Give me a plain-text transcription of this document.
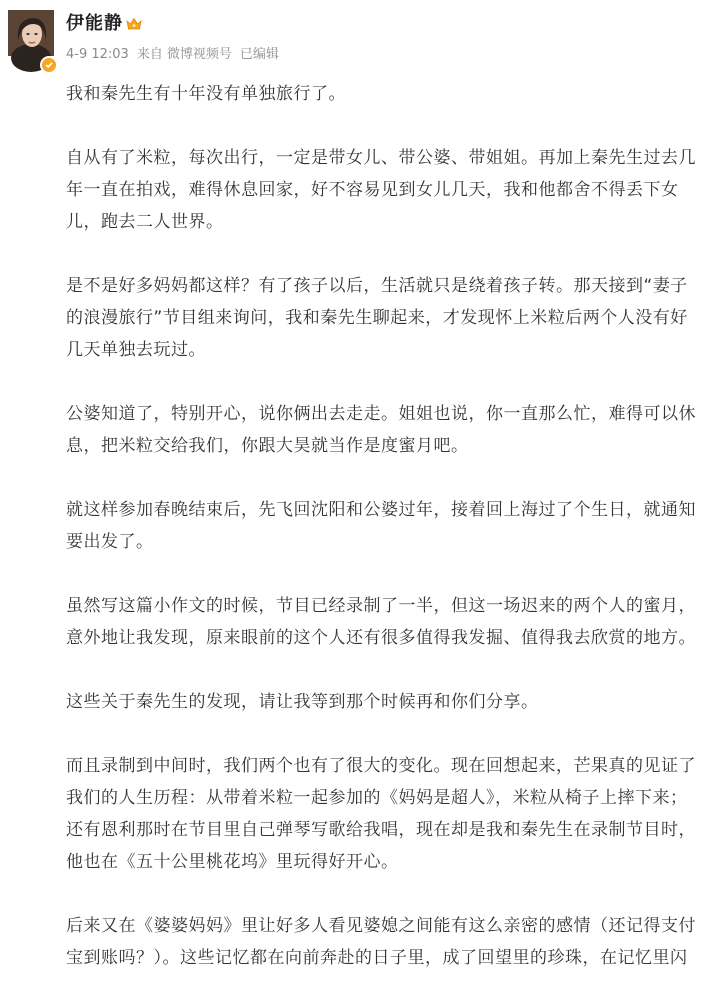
伊能静
4-9 12:03 来自 微博视频号 已编辑

我和秦先生有十年没有单独旅行了。

自从有了米粒，每次出行，一定是带女儿、带公婆、带姐姐。再加上秦先生过去几
年一直在拍戏，难得休息回家，好不容易见到女儿几天，我和他都舍不得丢下女
儿，跑去二人世界。

是不是好多妈妈都这样？有了孩子以后，生活就只是绕着孩子转。那天接到“妻子
的浪漫旅行”节目组来询问，我和秦先生聊起来，才发现怀上米粒后两个人没有好
几天单独去玩过。

公婆知道了，特别开心，说你俩出去走走。姐姐也说，你一直那么忙，难得可以休
息，把米粒交给我们，你跟大昊就当作是度蜜月吧。

就这样参加春晚结束后，先飞回沈阳和公婆过年，接着回上海过了个生日，就通知
要出发了。

虽然写这篇小作文的时候，节目已经录制了一半，但这一场迟来的两个人的蜜月，
意外地让我发现，原来眼前的这个人还有很多值得我发掘、值得我去欣赏的地方。

这些关于秦先生的发现，请让我等到那个时候再和你们分享。

而且录制到中间时，我们两个也有了很大的变化。现在回想起来，芒果真的见证了
我们的人生历程：从带着米粒一起参加的《妈妈是超人》，米粒从椅子上摔下来；
还有恩利那时在节目里自己弹琴写歌给我唱，现在却是我和秦先生在录制节目时，
他也在《五十公里桃花坞》里玩得好开心。

后来又在《婆婆妈妈》里让好多人看见婆媳之间能有这么亲密的感情（还记得支付
宝到账吗？）。这些记忆都在向前奔赴的日子里，成了回望里的珍珠，在记忆里闪
